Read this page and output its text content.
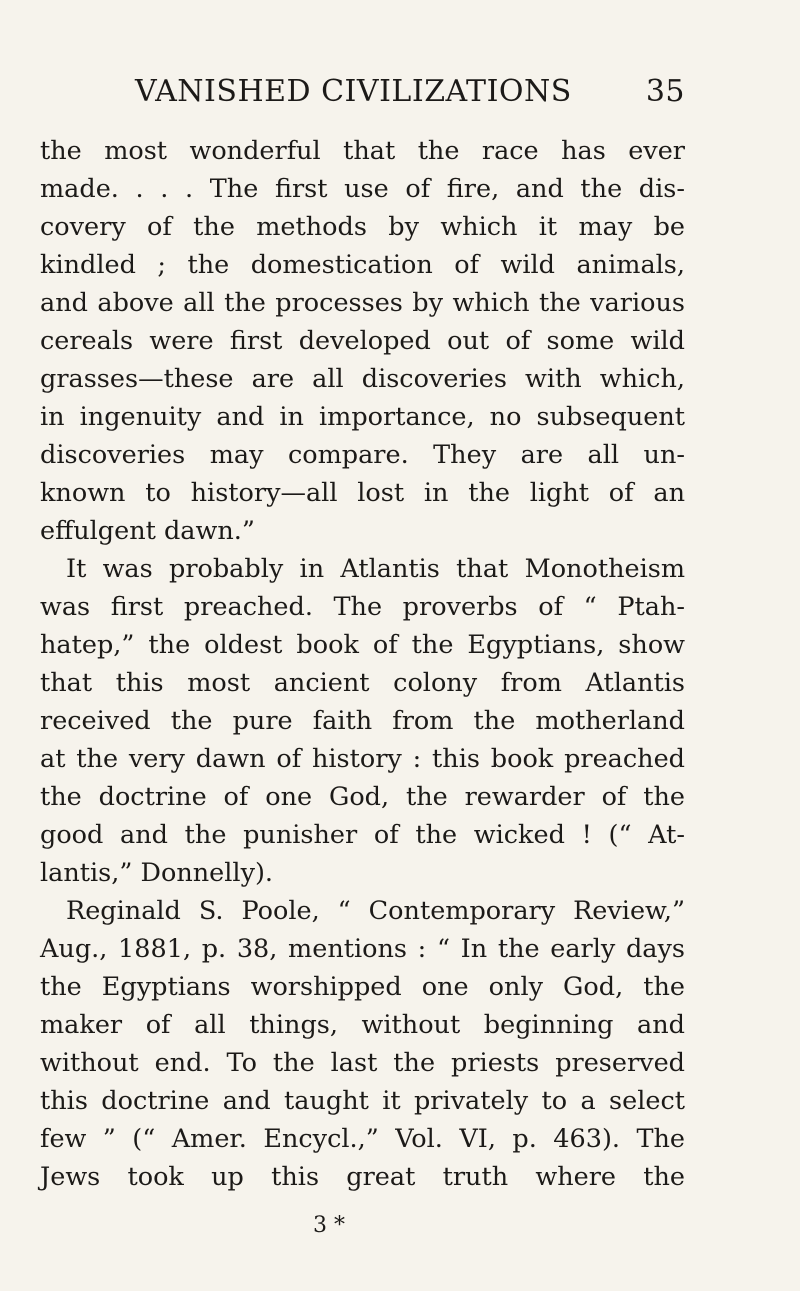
VANISHED CIVILIZATIONS 35
the most wonderful that the race has ever
made. . . . The first use of fire, and the dis-
covery of the methods by which it may be
kindled ; the domestication of wild animals,
and above all the processes by which the various
cereals were first developed out of some wild
grasses—these are all discoveries with which,
in ingenuity and in importance, no subsequent
discoveries may compare. They are all un-
known to history—all lost in the light of an
effulgent dawn.”
It was probably in Atlantis that Monotheism
was first preached. The proverbs of “ Ptah-
hatep,” the oldest book of the Egyptians, show
that this most ancient colony from Atlantis
received the pure faith from the motherland
at the very dawn of history : this book preached
the doctrine of one God, the rewarder of the
good and the punisher of the wicked ! (“ At-
lantis,” Donnelly).
Reginald S. Poole, “ Contemporary Review,”
Aug., 1881, p. 38, mentions : “ In the early days
the Egyptians worshipped one only God, the
maker of all things, without beginning and
without end. To the last the priests preserved
this doctrine and taught it privately to a select
few ” (“ Amer. Encycl.,” Vol. VI, p. 463). The
Jews took up this great truth where the
3 *
